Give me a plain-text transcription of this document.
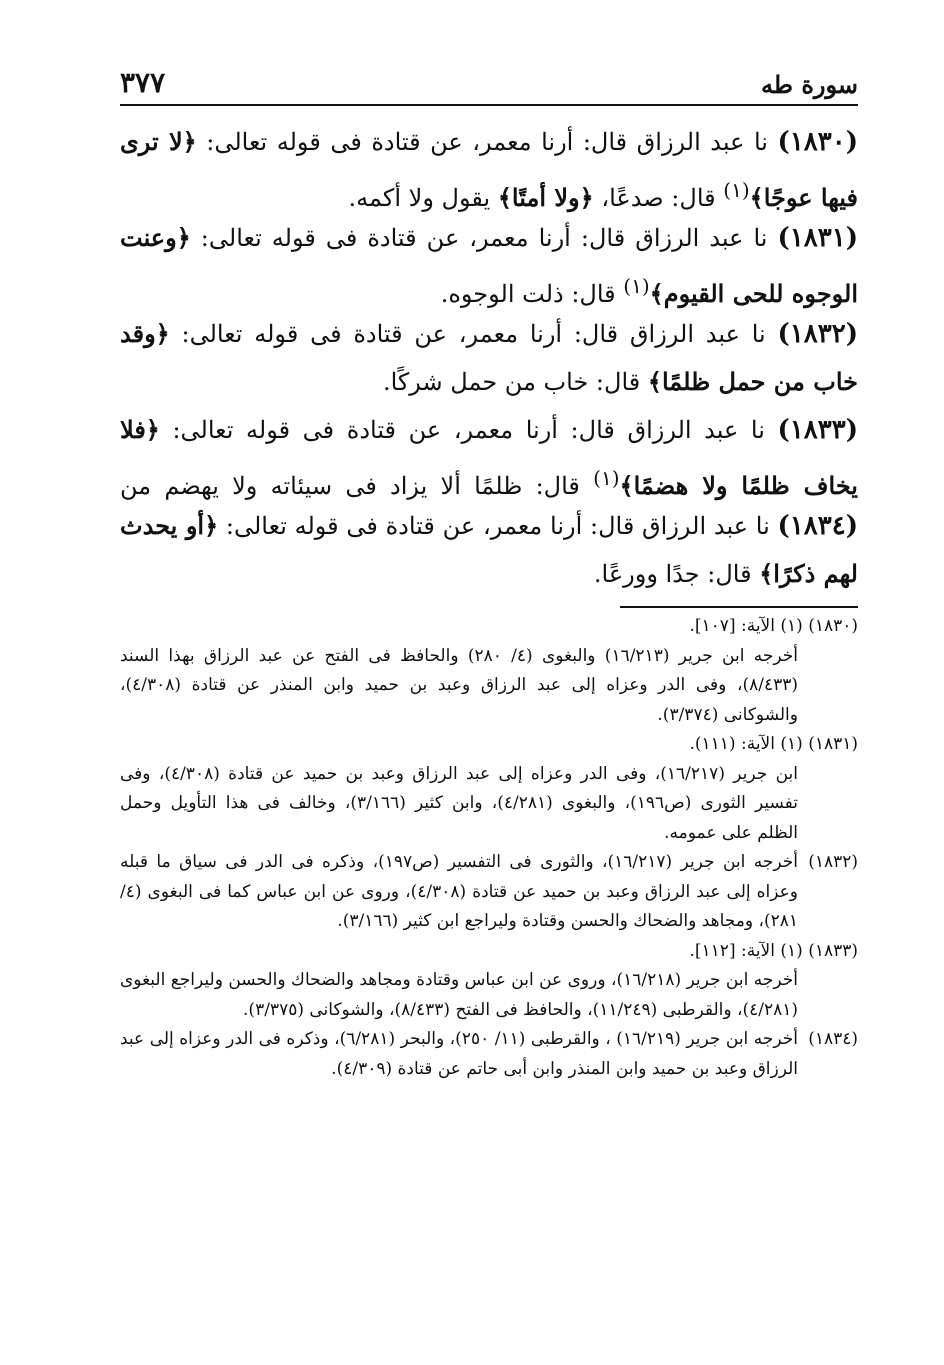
سورة طه
٣٧٧

(١٨٣٠) نا عبد الرزاق قال: أرنا معمر، عن قتادة فى قوله تعالى: ﴿لا ترى فيها عوجًا﴾$^{(١)}$ قال: صدعًا، ﴿ولا أمتًا﴾ يقول ولا أكمه.

(١٨٣١) نا عبد الرزاق قال: أرنا معمر، عن قتادة فى قوله تعالى: ﴿وعنت الوجوه للحى القيوم﴾$^{(١)}$ قال: ذلت الوجوه.

(١٨٣٢) نا عبد الرزاق قال: أرنا معمر، عن قتادة فى قوله تعالى: ﴿وقد خاب من حمل ظلمًا﴾ قال: خاب من حمل شركًا.

(١٨٣٣) نا عبد الرزاق قال: أرنا معمر، عن قتادة فى قوله تعالى: ﴿فلا يخاف ظلمًا ولا هضمًا﴾$^{(١)}$ قال: ظلمًا ألا يزاد فى سيئاته ولا يهضم من

(١٨٣٤) نا عبد الرزاق قال: أرنا معمر، عن قتادة فى قوله تعالى: ﴿أو يحدث لهم ذكرًا﴾ قال: جدًا وورعًا.

(١٨٣٠) (١) الآية: [١٠٧].
أخرجه ابن جرير (١٦/٢١٣) والبغوى (٤/ ٢٨٠) والحافظ فى الفتح عن عبد الرزاق بهذا السند (٨/٤٣٣)، وفى الدر وعزاه إلى عبد الرزاق وعبد بن حميد وابن المنذر عن قتادة (٤/٣٠٨)، والشوكانى (٣/٣٧٤).
(١٨٣١) (١) الآية: (١١١).
ابن جرير (١٦/٢١٧)، وفى الدر وعزاه إلى عبد الرزاق وعبد بن حميد عن قتادة (٤/٣٠٨)، وفى تفسير الثورى (ص١٩٦)، والبغوى (٤/٢٨١)، وابن كثير (٣/١٦٦)، وخالف فى هذا التأويل وحمل الظلم على عمومه.
(١٨٣٢)
أخرجه ابن جرير (١٦/٢١٧)، والثورى فى التفسير (ص١٩٧)، وذكره فى الدر فى سياق ما قبله وعزاه إلى عبد الرزاق وعبد بن حميد عن قتادة (٤/٣٠٨)، وروى عن ابن عباس كما فى البغوى (٤/ ٢٨١)، ومجاهد والضحاك والحسن وقتادة وليراجع ابن كثير (٣/١٦٦).
(١٨٣٣) (١) الآية: [١١٢].
أخرجه ابن جرير (١٦/٢١٨)، وروى عن ابن عباس وقتادة ومجاهد والضحاك والحسن وليراجع البغوى (٤/٢٨١)، والقرطبى (١١/٢٤٩)، والحافظ فى الفتح (٨/٤٣٣)، والشوكانى (٣/٣٧٥).
(١٨٣٤)
أخرجه ابن جرير (١٦/٢١٩) ، والقرطبى (١١/ ٢٥٠)، والبحر (٦/٢٨١)، وذكره فى الدر وعزاه إلى عبد الرزاق وعبد بن حميد وابن المنذر وابن أبى حاتم عن قتادة (٤/٣٠٩).
